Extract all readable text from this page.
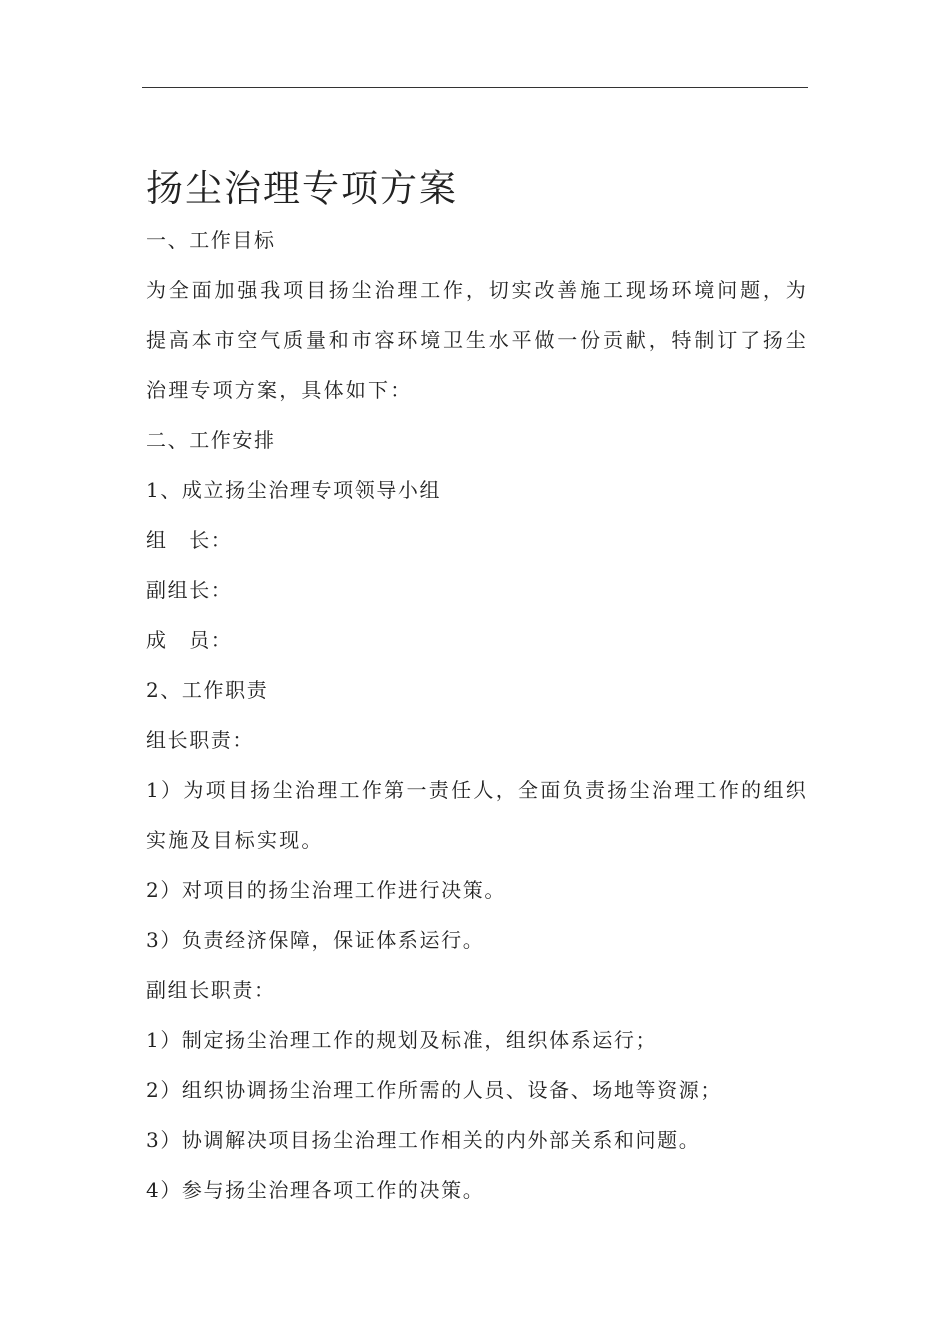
扬尘治理专项方案
一、工作目标
为全面加强我项目扬尘治理工作，切实改善施工现场环境问题，为提高本市空气质量和市容环境卫生水平做一份贡献，特制订了扬尘治理专项方案，具体如下：
二、工作安排
1、成立扬尘治理专项领导小组
组　长：
副组长：
成　员：
2、工作职责
组长职责：
1）为项目扬尘治理工作第一责任人，全面负责扬尘治理工作的组织实施及目标实现。
2）对项目的扬尘治理工作进行决策。
3）负责经济保障，保证体系运行。
副组长职责：
1）制定扬尘治理工作的规划及标准，组织体系运行；
2）组织协调扬尘治理工作所需的人员、设备、场地等资源；
3）协调解决项目扬尘治理工作相关的内外部关系和问题。
4）参与扬尘治理各项工作的决策。
